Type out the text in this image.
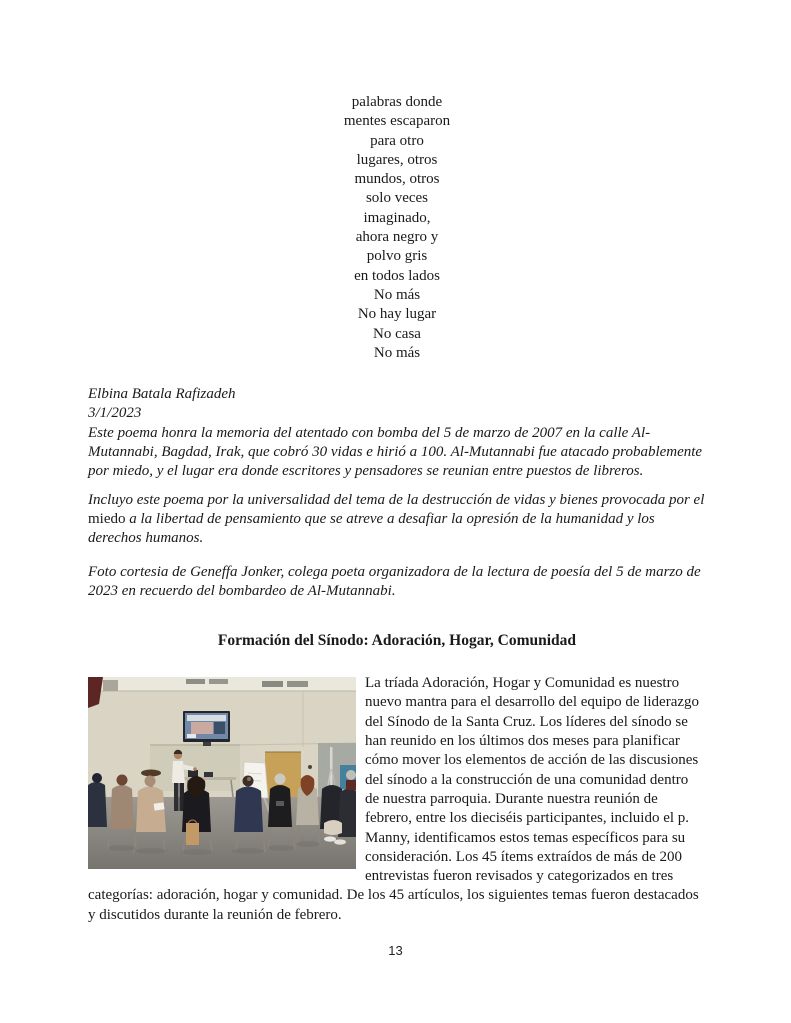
palabras donde
mentes escaparon
para otro
lugares, otros
mundos, otros
solo veces
imaginado,
ahora negro y
polvo gris
en todos lados
No más
No hay lugar
No casa
No más
Elbina Batala Rafizadeh
3/1/2023

Este poema honra la memoria del atentado con bomba del 5 de marzo de 2007 en la calle Al-Mutannabi, Bagdad, Irak, que cobró 30 vidas e hirió a 100. Al-Mutannabi fue atacado probablemente por miedo, y el lugar era donde escritores y pensadores se reunian entre puestos de libreros.

Incluyo este poema por la universalidad del tema de la destrucción de vidas y bienes provocada por el miedo a la libertad de pensamiento que se atreve a desafiar la opresión de la humanidad y los derechos humanos.

Foto cortesia de Geneffa Jonker, colega poeta organizadora de la lectura de poesía del 5 de marzo de 2023 en recuerdo del bombardeo de Al-Mutannabi.

Formación del Sínodo: Adoración, Hogar, Comunidad

La tríada Adoración, Hogar y Comunidad es nuestro nuevo mantra para el desarrollo del equipo de liderazgo del Sínodo de la Santa Cruz. Los líderes del sínodo se han reunido en los últimos dos meses para planificar cómo mover los elementos de acción de las discusiones del sínodo a la construcción de una comunidad dentro de nuestra parroquia. Durante nuestra reunión de febrero, entre los dieciséis participantes, incluido el p. Manny, identificamos estos temas específicos para su consideración. Los 45 ítems extraídos de más de 200 entrevistas fueron revisados y categorizados en tres categorías: adoración, hogar y comunidad. De los 45 artículos, los siguientes temas fueron destacados y discutidos durante la reunión de febrero.

13
